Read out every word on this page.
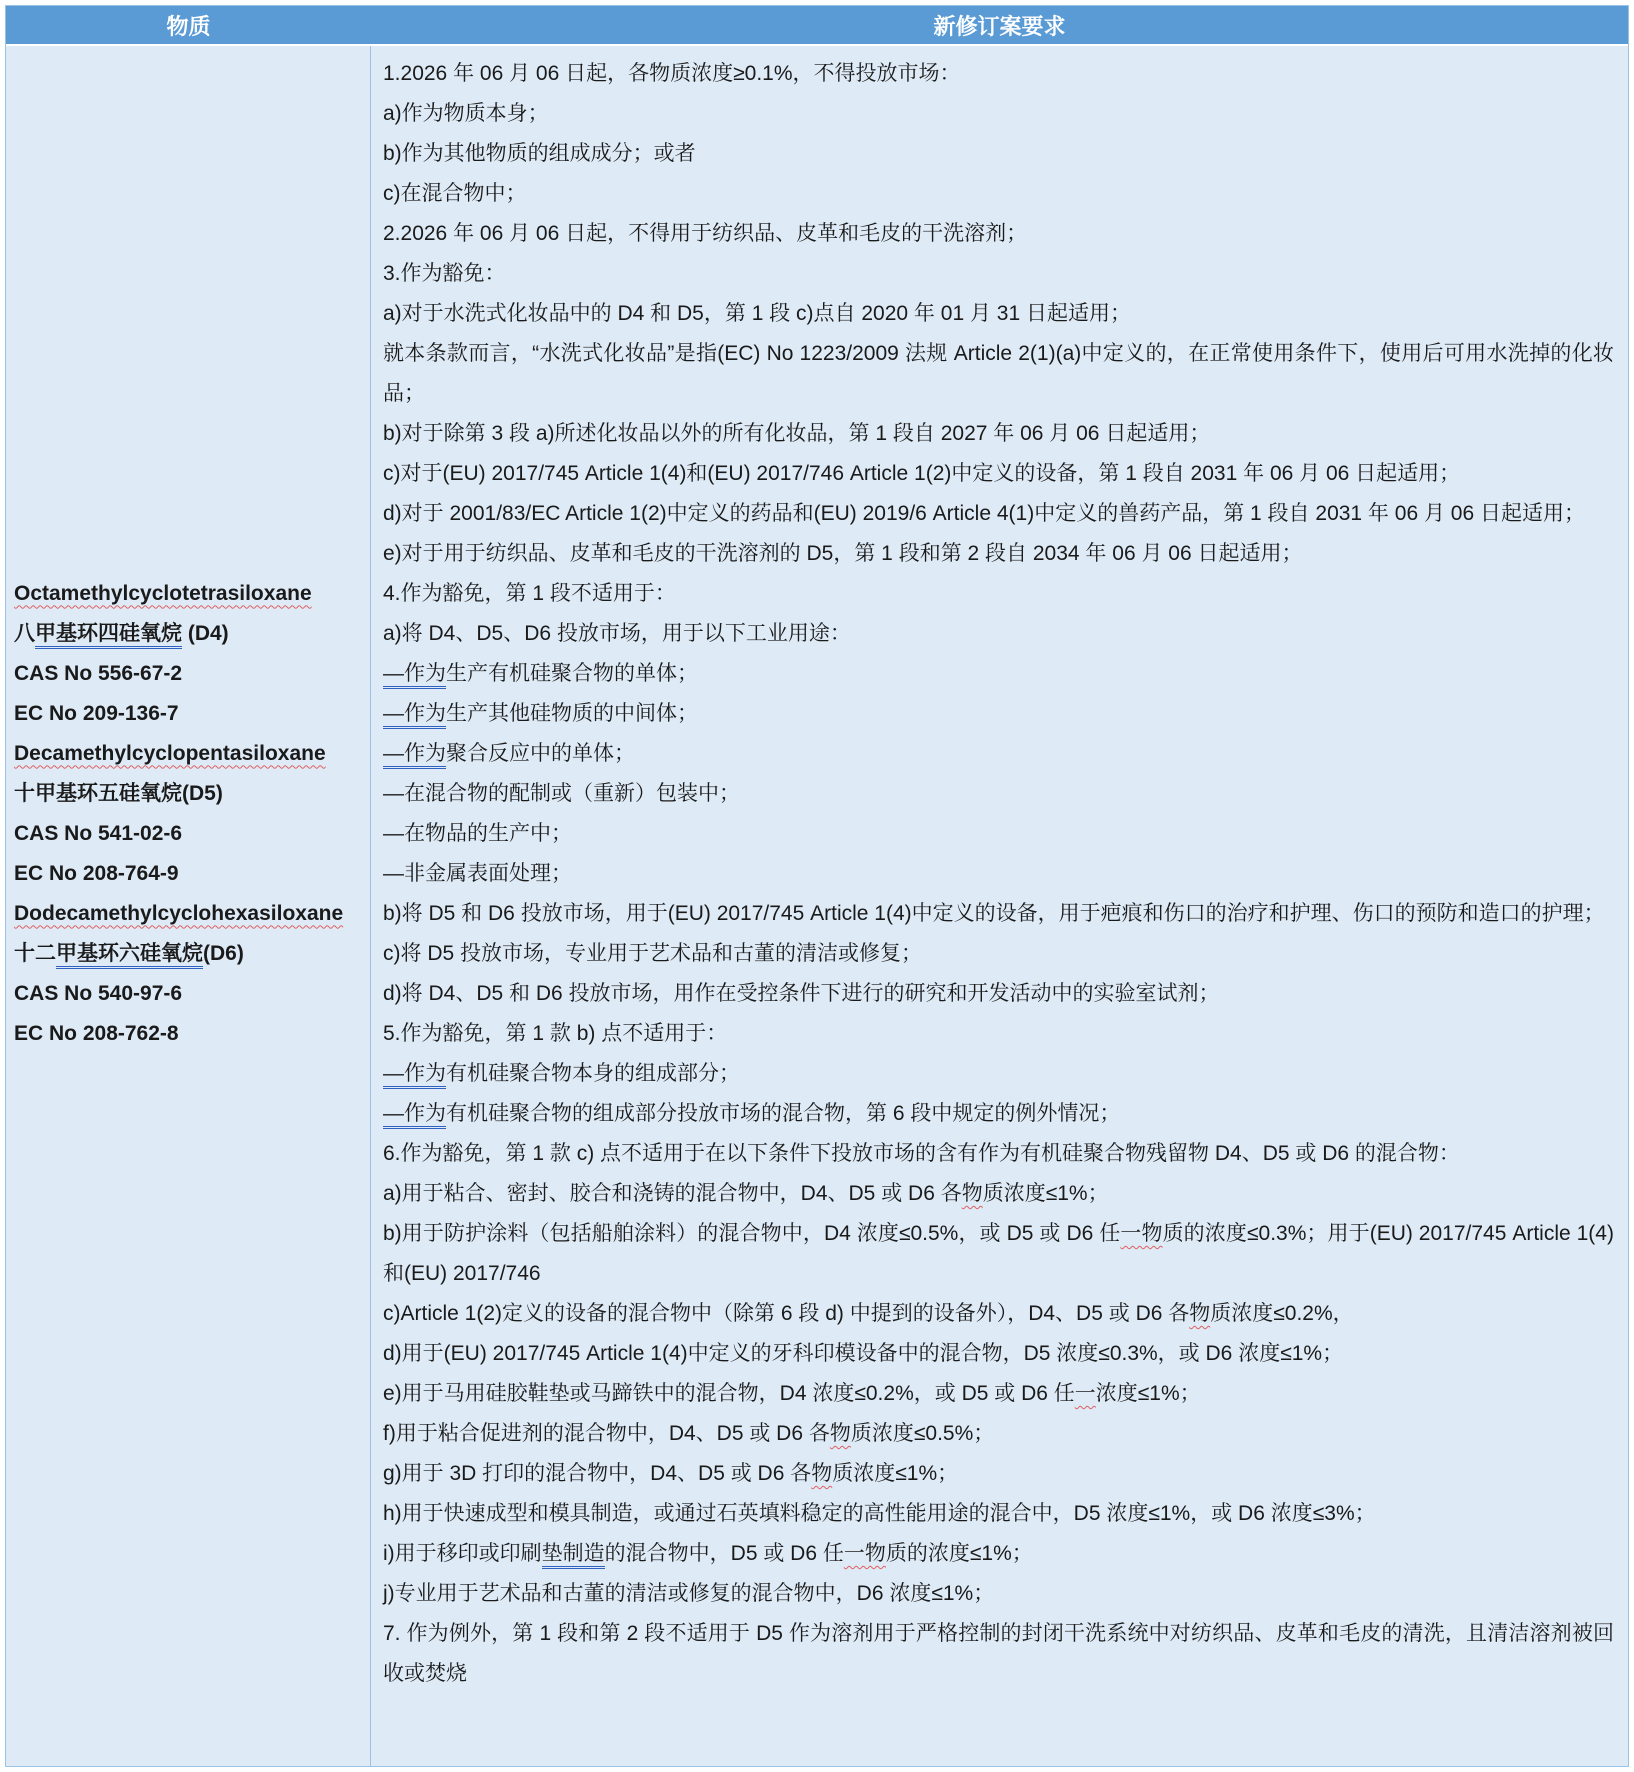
物质	新修订案要求

Octamethylcyclotetrasiloxane

八甲基环四硅氧烷 (D4)

CAS No 556-67-2

EC No 209-136-7

Decamethylcyclopentasiloxane

十甲基环五硅氧烷(D5)

CAS No 541-02-6

EC No 208-764-9

Dodecamethylcyclohexasiloxane

十二甲基环六硅氧烷(D6)

CAS No 540-97-6

EC No 208-762-8

1.2026 年 06 月 06 日起，各物质浓度≥0.1%，不得投放市场：

a)作为物质本身；

b)作为其他物质的组成成分；或者

c)在混合物中；

2.2026 年 06 月 06 日起，不得用于纺织品、皮革和毛皮的干洗溶剂；

3.作为豁免：

a)对于水洗式化妆品中的 D4 和 D5，第 1 段 c)点自 2020 年 01 月 31 日起适用；

就本条款而言，“水洗式化妆品”是指(EC) No 1223/2009 法规 Article 2(1)(a)中定义的，在正常使用条件下，使用后可用水洗掉的化妆品；

b)对于除第 3 段 a)所述化妆品以外的所有化妆品，第 1 段自 2027 年 06 月 06 日起适用；

c)对于(EU) 2017/745 Article 1(4)和(EU) 2017/746 Article 1(2)中定义的设备，第 1 段自 2031 年 06 月 06 日起适用；

d)对于 2001/83/EC Article 1(2)中定义的药品和(EU) 2019/6 Article 4(1)中定义的兽药产品，第 1 段自 2031 年 06 月 06 日起适用；

e)对于用于纺织品、皮革和毛皮的干洗溶剂的 D5，第 1 段和第 2 段自 2034 年 06 月 06 日起适用；

4.作为豁免，第 1 段不适用于：

a)将 D4、D5、D6 投放市场，用于以下工业用途：

—作为生产有机硅聚合物的单体；

—作为生产其他硅物质的中间体；

—作为聚合反应中的单体；

—在混合物的配制或（重新）包装中；

—在物品的生产中；

—非金属表面处理；

b)将 D5 和 D6 投放市场，用于(EU) 2017/745 Article 1(4)中定义的设备，用于疤痕和伤口的治疗和护理、伤口的预防和造口的护理；

c)将 D5 投放市场，专业用于艺术品和古董的清洁或修复；

d)将 D4、D5 和 D6 投放市场，用作在受控条件下进行的研究和开发活动中的实验室试剂；

5.作为豁免，第 1 款 b) 点不适用于：

—作为有机硅聚合物本身的组成部分；

—作为有机硅聚合物的组成部分投放市场的混合物，第 6 段中规定的例外情况；

6.作为豁免，第 1 款 c) 点不适用于在以下条件下投放市场的含有作为有机硅聚合物残留物 D4、D5 或 D6 的混合物：

a)用于粘合、密封、胶合和浇铸的混合物中，D4、D5 或 D6 各物质浓度≤1%；

b)用于防护涂料（包括船舶涂料）的混合物中，D4 浓度≤0.5%，或 D5 或 D6 任一物质的浓度≤0.3%；用于(EU) 2017/745 Article 1(4)和(EU) 2017/746

c)Article 1(2)定义的设备的混合物中（除第 6 段 d) 中提到的设备外），D4、D5 或 D6 各物质浓度≤0.2%，

d)用于(EU) 2017/745 Article 1(4)中定义的牙科印模设备中的混合物，D5 浓度≤0.3%，或 D6 浓度≤1%；

e)用于马用硅胶鞋垫或马蹄铁中的混合物，D4 浓度≤0.2%，或 D5 或 D6 任一浓度≤1%；

f)用于粘合促进剂的混合物中，D4、D5 或 D6 各物质浓度≤0.5%；

g)用于 3D 打印的混合物中，D4、D5 或 D6 各物质浓度≤1%；

h)用于快速成型和模具制造，或通过石英填料稳定的高性能用途的混合中，D5 浓度≤1%，或 D6 浓度≤3%；

i)用于移印或印刷垫制造的混合物中，D5 或 D6 任一物质的浓度≤1%；

j)专业用于艺术品和古董的清洁或修复的混合物中，D6 浓度≤1%；

7. 作为例外，第 1 段和第 2 段不适用于 D5 作为溶剂用于严格控制的封闭干洗系统中对纺织品、皮革和毛皮的清洗，且清洁溶剂被回收或焚烧
